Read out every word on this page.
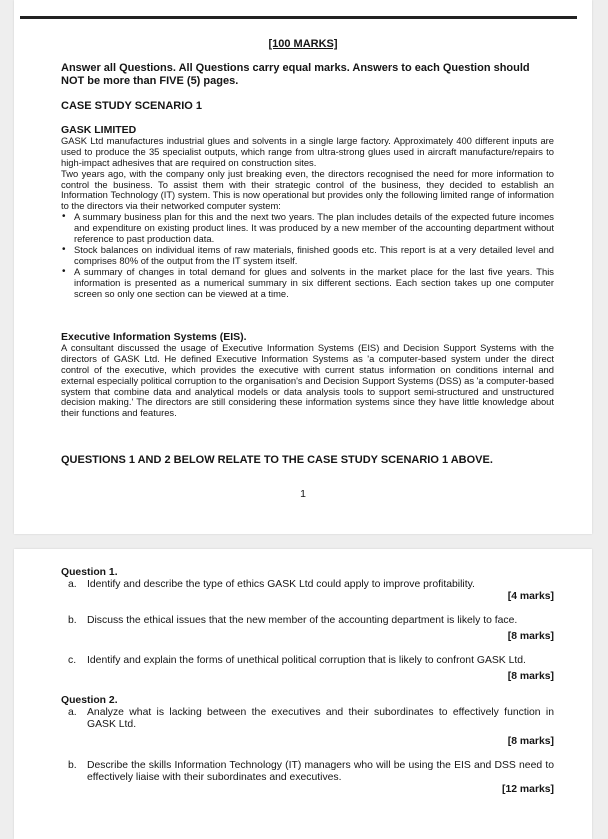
[100 MARKS]
Answer all Questions. All Questions carry equal marks. Answers to each Question should NOT be more than FIVE (5) pages.
CASE STUDY SCENARIO 1
GASK LIMITED

GASK Ltd manufactures industrial glues and solvents in a single large factory. Approximately 400 different inputs are used to produce the 35 specialist outputs, which range from ultra-strong glues used in aircraft manufacture/repairs to high-impact adhesives that are required on construction sites.

Two years ago, with the company only just breaking even, the directors recognised the need for more information to control the business. To assist them with their strategic control of the business, they decided to establish an Information Technology (IT) system. This is now operational but provides only the following limited range of information to the directors via their networked computer system:

• A summary business plan for this and the next two years. The plan includes details of the expected future incomes and expenditure on existing product lines. It was produced by a new member of the accounting department without reference to past production data.
• Stock balances on individual items of raw materials, finished goods etc. This report is at a very detailed level and comprises 80% of the output from the IT system itself.
• A summary of changes in total demand for glues and solvents in the market place for the last five years. This information is presented as a numerical summary in six different sections. Each section takes up one computer screen so only one section can be viewed at a time.
Executive Information Systems (EIS).

A consultant discussed the usage of Executive Information Systems (EIS) and Decision Support Systems with the directors of GASK Ltd. He defined Executive Information Systems as 'a computer-based system under the direct control of the executive, which provides the executive with current status information on conditions internal and external especially political corruption to the organisation's and Decision Support Systems (DSS) as 'a computer-based system that combine data and analytical models or data analysis tools to support semi-structured and unstructured decision making.' The directors are still considering these information systems since they have little knowledge about their functions and features.

QUESTIONS 1 AND 2 BELOW RELATE TO THE CASE STUDY SCENARIO 1 ABOVE.
1
Question 1.
a. Identify and describe the type of ethics GASK Ltd could apply to improve profitability.
[4 marks]
b. Discuss the ethical issues that the new member of the accounting department is likely to face.
[8 marks]
c. Identify and explain the forms of unethical political corruption that is likely to confront GASK Ltd.
[8 marks]
Question 2.
a. Analyze what is lacking between the executives and their subordinates to effectively function in GASK Ltd.
[8 marks]
b. Describe the skills Information Technology (IT) managers who will be using the EIS and DSS need to effectively liaise with their subordinates and executives.
[12 marks]
